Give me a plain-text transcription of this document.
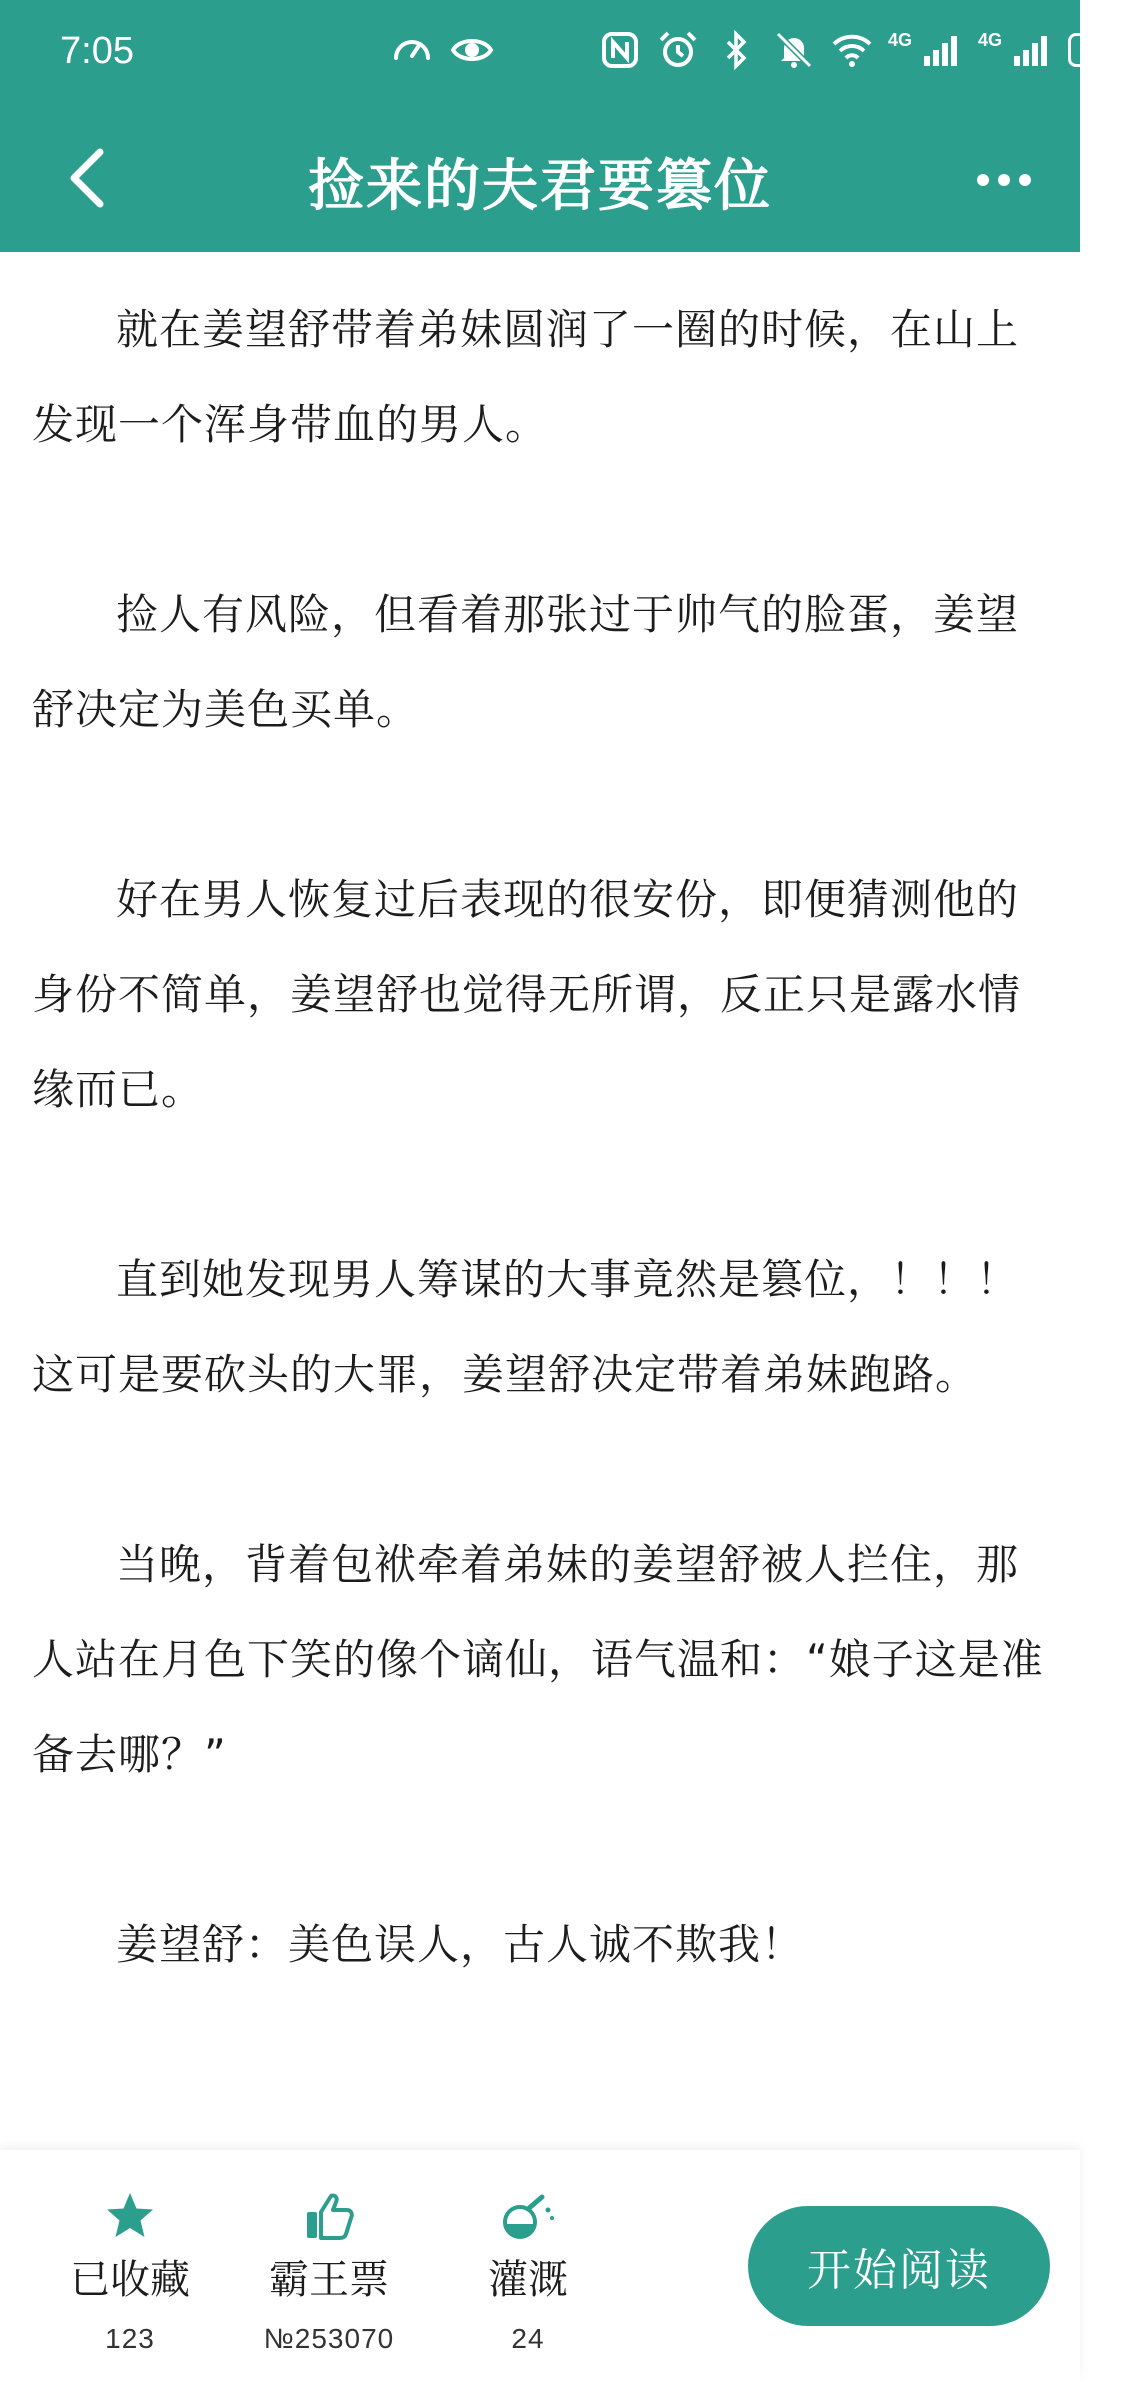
7:05	4G	4G	74
捡来的夫君要篡位

就在姜望舒带着弟妹圆润了一圈的时候，在山上发现一个浑身带血的男人。

捡人有风险，但看着那张过于帅气的脸蛋，姜望舒决定为美色买单。

好在男人恢复过后表现的很安份，即便猜测他的身份不简单，姜望舒也觉得无所谓，反正只是露水情缘而已。

直到她发现男人筹谋的大事竟然是篡位，！！！这可是要砍头的大罪，姜望舒决定带着弟妹跑路。

当晚，背着包袱牵着弟妹的姜望舒被人拦住，那人站在月色下笑的像个谪仙，语气温和：“娘子这是准备去哪？”

姜望舒：美色误人，古人诚不欺我！

已收藏
123
霸王票
№253070
灌溉
24
开始阅读
